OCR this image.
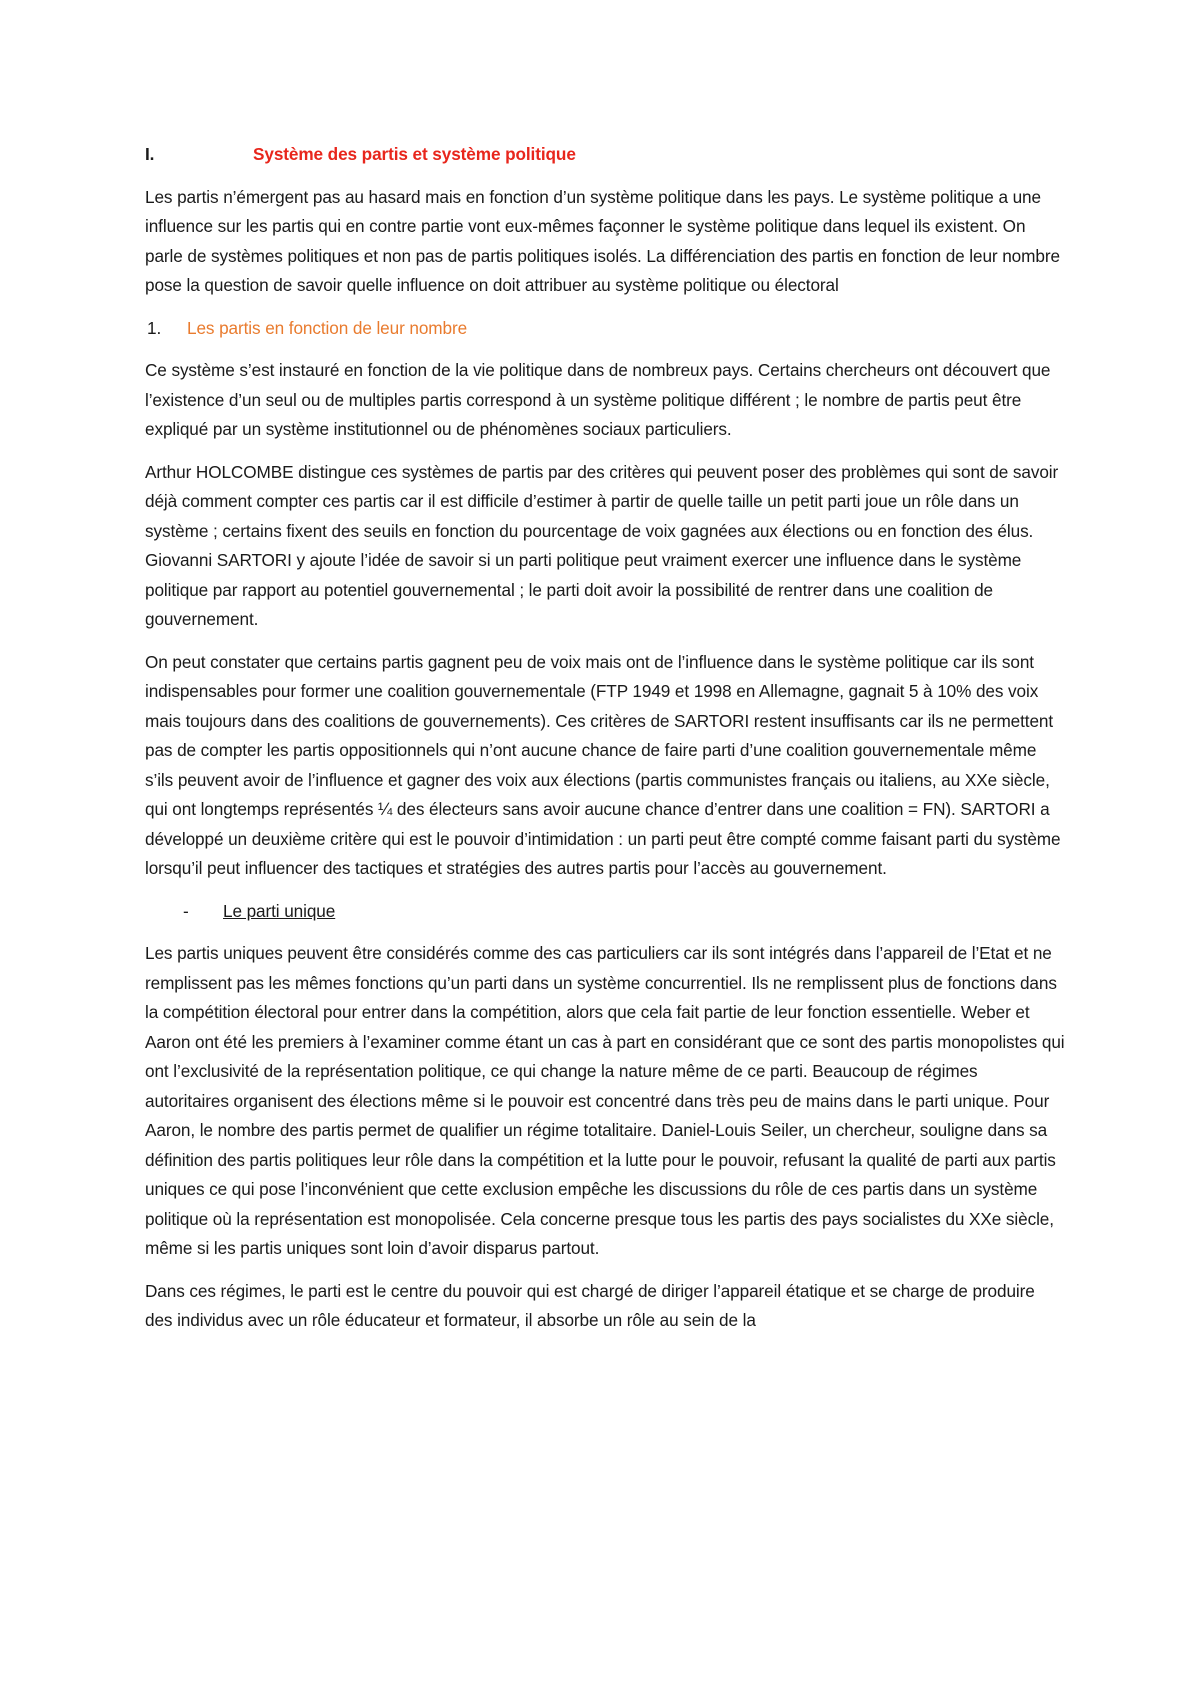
I.	Système des partis et système politique

Les partis n’émergent pas au hasard mais en fonction d’un système politique dans les pays. Le système politique a une influence sur les partis qui en contre partie vont eux-mêmes façonner le système politique dans lequel ils existent. On parle de systèmes politiques et non pas de partis politiques isolés. La différenciation des partis en fonction de leur nombre pose la question de savoir quelle influence on doit attribuer au système politique ou électoral

1.	Les partis en fonction de leur nombre

Ce système s’est instauré en fonction de la vie politique dans de nombreux pays. Certains chercheurs ont découvert que l’existence d’un seul ou de multiples partis correspond à un système politique différent ; le nombre de partis peut être expliqué par un système institutionnel ou de phénomènes sociaux particuliers.

Arthur HOLCOMBE distingue ces systèmes de partis par des critères qui peuvent poser des problèmes qui sont de savoir déjà comment compter ces partis car il est difficile d’estimer à partir de quelle taille un petit parti joue un rôle dans un système ; certains fixent des seuils en fonction du pourcentage de voix gagnées aux élections ou en fonction des élus. Giovanni SARTORI y ajoute l’idée de savoir si un parti politique peut vraiment exercer une influence dans le système politique par rapport au potentiel gouvernemental ; le parti doit avoir la possibilité de rentrer dans une coalition de gouvernement.

On peut constater que certains partis gagnent peu de voix mais ont de l’influence dans le système politique car ils sont indispensables pour former une coalition gouvernementale (FTP 1949 et 1998 en Allemagne, gagnait 5 à 10% des voix mais toujours dans des coalitions de gouvernements). Ces critères de SARTORI restent insuffisants car ils ne permettent pas de compter les partis oppositionnels qui n’ont aucune chance de faire parti d’une coalition gouvernementale même s’ils peuvent avoir de l’influence et gagner des voix aux élections (partis communistes français ou italiens, au XXe siècle, qui ont longtemps représentés ¼ des électeurs sans avoir aucune chance d’entrer dans une coalition = FN). SARTORI a développé un deuxième critère qui est le pouvoir d’intimidation : un parti peut être compté comme faisant parti du système lorsqu’il peut influencer des tactiques et stratégies des autres partis pour l’accès au gouvernement.

-	Le parti unique

Les partis uniques peuvent être considérés comme des cas particuliers car ils sont intégrés dans l’appareil de l’Etat et ne remplissent pas les mêmes fonctions qu’un parti dans un système concurrentiel. Ils ne remplissent plus de fonctions dans la compétition électoral pour entrer dans la compétition, alors que cela fait partie de leur fonction essentielle. Weber et Aaron ont été les premiers à l’examiner comme étant un cas à part en considérant que ce sont des partis monopolistes qui ont l’exclusivité de la représentation politique, ce qui change la nature même de ce parti. Beaucoup de régimes autoritaires organisent des élections même si le pouvoir est concentré dans très peu de mains dans le parti unique. Pour Aaron, le nombre des partis permet de qualifier un régime totalitaire. Daniel-Louis Seiler, un chercheur, souligne dans sa définition des partis politiques leur rôle dans la compétition et la lutte pour le pouvoir, refusant la qualité de parti aux partis uniques ce qui pose l’inconvénient que cette exclusion empêche les discussions du rôle de ces partis dans un système politique où la représentation est monopolisée. Cela concerne presque tous les partis des pays socialistes du XXe siècle, même si les partis uniques sont loin d’avoir disparus partout.

Dans ces régimes, le parti est le centre du pouvoir qui est chargé de diriger l’appareil étatique et se charge de produire des individus avec un rôle éducateur et formateur, il absorbe un rôle au sein de la
